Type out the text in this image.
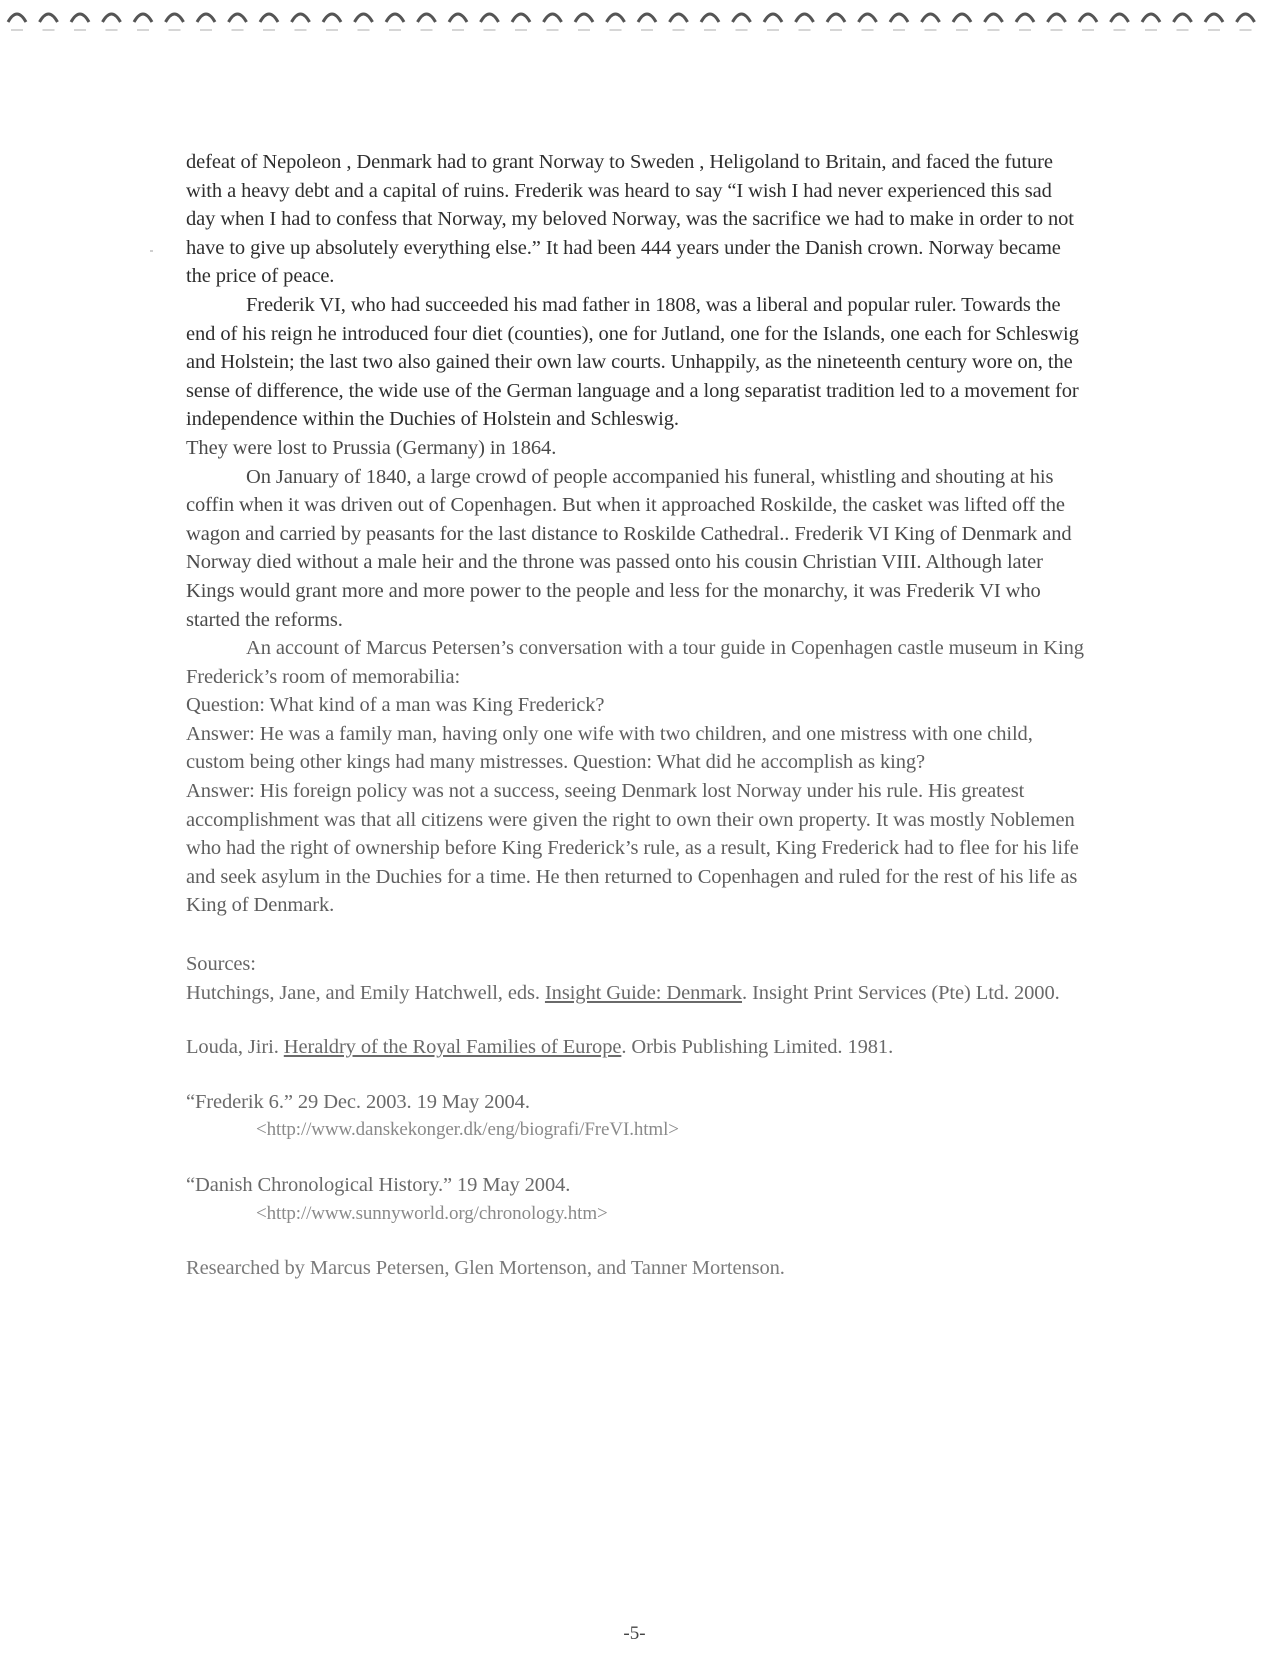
defeat of Nepoleon , Denmark had to grant Norway to Sweden , Heligoland to Britain, and faced the future with a heavy debt and a capital of ruins. Frederik was heard to say “I wish I had never experienced this sad day when I had to confess that Norway, my beloved Norway, was the sacrifice we had to make in order to not have to give up absolutely everything else.” It had been 444 years under the Danish crown. Norway became the price of peace.

Frederik VI, who had succeeded his mad father in 1808, was a liberal and popular ruler. Towards the end of his reign he introduced four diet (counties), one for Jutland, one for the Islands, one each for Schleswig and Holstein; the last two also gained their own law courts. Unhappily, as the nineteenth century wore on, the sense of difference, the wide use of the German language and a long separatist tradition led to a movement for independence within the Duchies of Holstein and Schleswig.

They were lost to Prussia (Germany) in 1864.

On January of 1840, a large crowd of people accompanied his funeral, whistling and shouting at his coffin when it was driven out of Copenhagen. But when it approached Roskilde, the casket was lifted off the wagon and carried by peasants for the last distance to Roskilde Cathedral.. Frederik VI King of Denmark and Norway died without a male heir and the throne was passed onto his cousin Christian VIII. Although later Kings would grant more and more power to the people and less for the monarchy, it was Frederik VI who started the reforms.

An account of Marcus Petersen’s conversation with a tour guide in Copenhagen castle museum in King Frederick’s room of memorabilia:

Question: What kind of a man was King Frederick?

Answer: He was a family man, having only one wife with two children, and one mistress with one child, custom being other kings had many mistresses. Question: What did he accomplish as king?

Answer: His foreign policy was not a success, seeing Denmark lost Norway under his rule. His greatest accomplishment was that all citizens were given the right to own their own property. It was mostly Noblemen who had the right of ownership before King Frederick’s rule, as a result, King Frederick had to flee for his life and seek asylum in the Duchies for a time. He then returned to Copenhagen and ruled for the rest of his life as King of Denmark.

Sources:

Hutchings, Jane, and Emily Hatchwell, eds. Insight Guide: Denmark. Insight Print Services (Pte) Ltd. 2000.

Louda, Jiri. Heraldry of the Royal Families of Europe. Orbis Publishing Limited. 1981.

“Frederik 6.” 29 Dec. 2003. 19 May 2004.

<http://www.danskekonger.dk/eng/biografi/FreVI.html>

“Danish Chronological History.” 19 May 2004.

<http://www.sunnyworld.org/chronology.htm>

Researched by Marcus Petersen, Glen Mortenson, and Tanner Mortenson.

-5-
